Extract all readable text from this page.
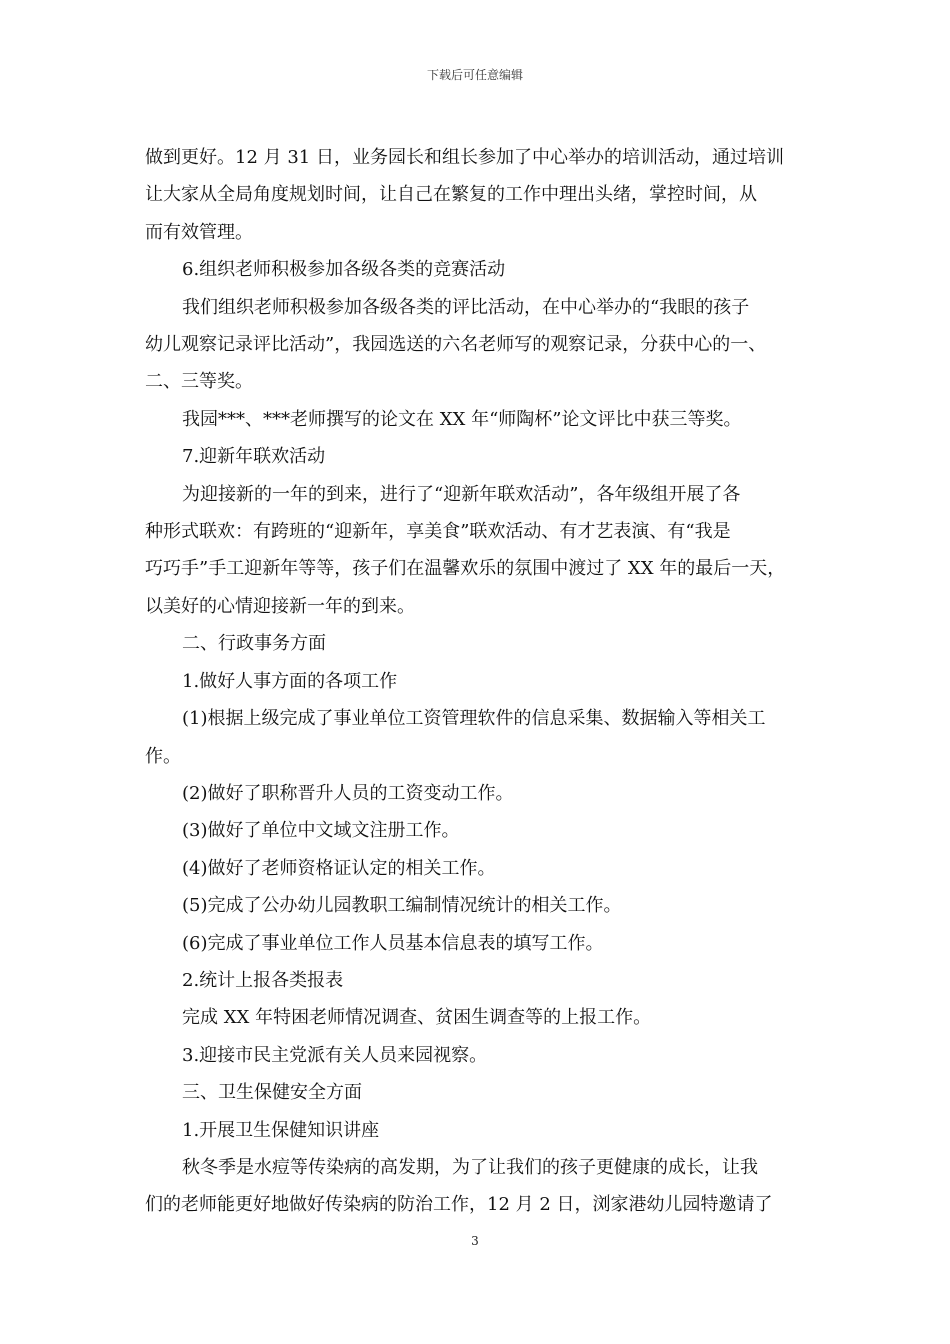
下载后可任意编辑

做到更好。12 月 31 日，业务园长和组长参加了中心举办的培训活动，通过培训

让大家从全局角度规划时间，让自己在繁复的工作中理出头绪，掌控时间，从

而有效管理。

6.组织老师积极参加各级各类的竞赛活动

我们组织老师积极参加各级各类的评比活动，在中心举办的“我眼的孩子

幼儿观察记录评比活动”，我园选送的六名老师写的观察记录，分获中心的一、

二、三等奖。

我园***、***老师撰写的论文在 XX 年“师陶杯”论文评比中获三等奖。

7.迎新年联欢活动

为迎接新的一年的到来，进行了“迎新年联欢活动”，各年级组开展了各

种形式联欢：有跨班的“迎新年，享美食”联欢活动、有才艺表演、有“我是

巧巧手”手工迎新年等等，孩子们在温馨欢乐的氛围中渡过了 XX 年的最后一天，

以美好的心情迎接新一年的到来。

二、行政事务方面

1.做好人事方面的各项工作

(1)根据上级完成了事业单位工资管理软件的信息采集、数据输入等相关工

作。

(2)做好了职称晋升人员的工资变动工作。

(3)做好了单位中文域文注册工作。

(4)做好了老师资格证认定的相关工作。

(5)完成了公办幼儿园教职工编制情况统计的相关工作。

(6)完成了事业单位工作人员基本信息表的填写工作。

2.统计上报各类报表

完成 XX 年特困老师情况调查、贫困生调查等的上报工作。

3.迎接市民主党派有关人员来园视察。

三、卫生保健安全方面

1.开展卫生保健知识讲座

秋冬季是水痘等传染病的高发期，为了让我们的孩子更健康的成长，让我

们的老师能更好地做好传染病的防治工作，12 月 2 日，浏家港幼儿园特邀请了

3
